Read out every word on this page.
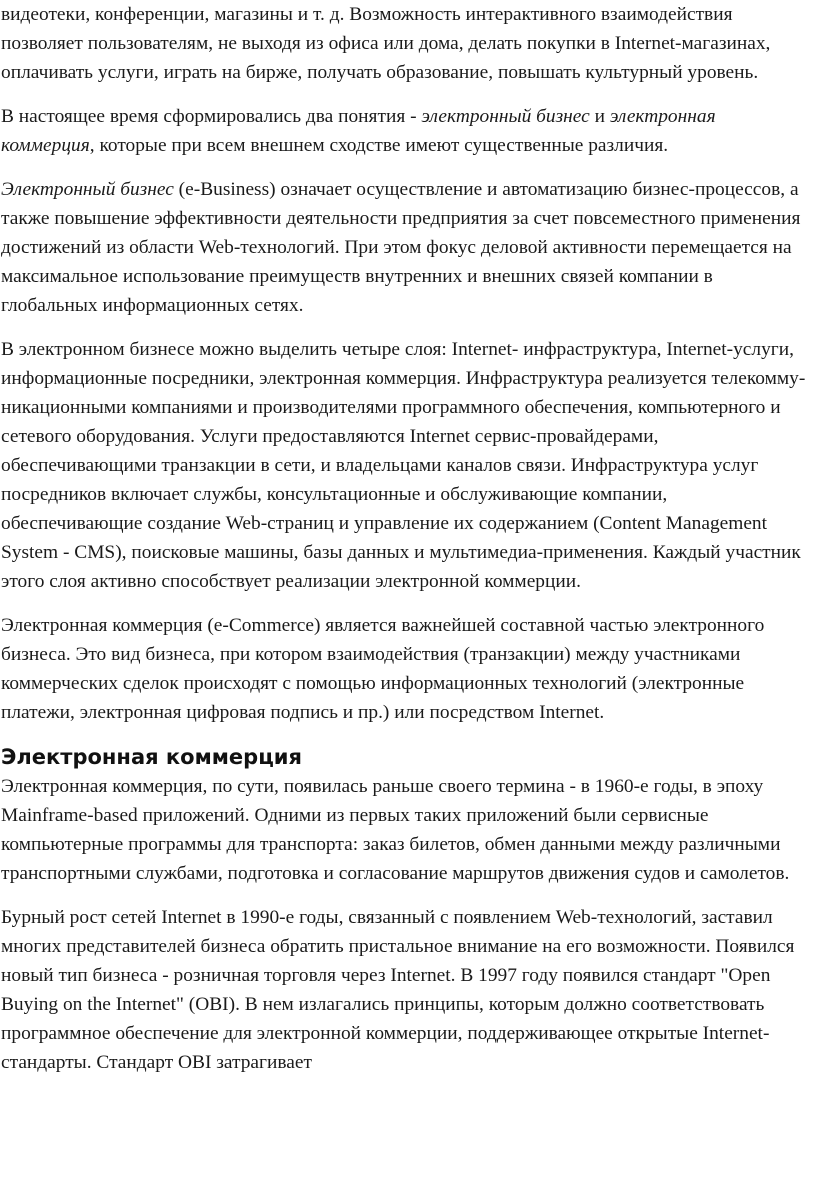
видеотеки, конференции, магазины и т. д. Возможность интерактивного взаимодействия позволяет пользователям, не выходя из офиса или дома, делать покупки в Internet-магазинах, оплачивать услуги, играть на бирже, получать образование, повышать культурный уровень.

В настоящее время сформировались два понятия - электронный бизнес и электронная коммерция, которые при всем внешнем сходстве имеют существенные различия.

Электронный бизнес (e-Business) означает осуществление и автоматизацию бизнес-процессов, а также повышение эффективности деятельности предприятия за счет повсеместного применения достижений из области Web-технологий. При этом фокус деловой активности перемещается на максимальное использование преимуществ внутренних и внешних связей компании в глобальных информационных сетях.

В электронном бизнесе можно выделить четыре слоя: Internet- инфраструктура, Internet-услуги, информационные посредники, электронная коммерция. Инфраструктура реализуется телекомму- никационными компаниями и производителями программного обеспечения, компьютерного и сетевого оборудования. Услуги предоставляются Internet сервис-провайдерами, обеспечивающими транзакции в сети, и владельцами каналов связи. Инфраструктура услуг посредников включает службы, консультационные и обслуживающие компании, обеспечивающие создание Web-страниц и управление их содержанием (Content Management System - CMS), поисковые машины, базы данных и мультимедиа-применения. Каждый участник этого слоя активно способствует реализации электронной коммерции.

Электронная коммерция (e-Commerce) является важнейшей составной частью электронного бизнеса. Это вид бизнеса, при котором взаимодействия (транзакции) между участниками коммерческих сделок происходят с помощью информационных технологий (электронные платежи, электронная цифровая подпись и пр.) или посредством Internet.

Электронная коммерция

Электронная коммерция, по сути, появилась раньше своего термина - в 1960-е годы, в эпоху Mainframe-based приложений. Одними из первых таких приложений были сервисные компьютерные программы для транспорта: заказ билетов, обмен данными между различными транспортными службами, подготовка и согласование маршрутов движения судов и самолетов.

Бурный рост сетей Internet в 1990-е годы, связанный с появлением Web-технологий, заставил многих представителей бизнеса обратить пристальное внимание на его возможности. Появился новый тип бизнеса - розничная торговля через Internet. В 1997 году появился стандарт "Open Buying on the Internet" (OBI). В нем излагались принципы, которым должно соответствовать программное обеспечение для электронной коммерции, поддерживающее открытые Internet-стандарты. Стандарт OBI затрагивает
